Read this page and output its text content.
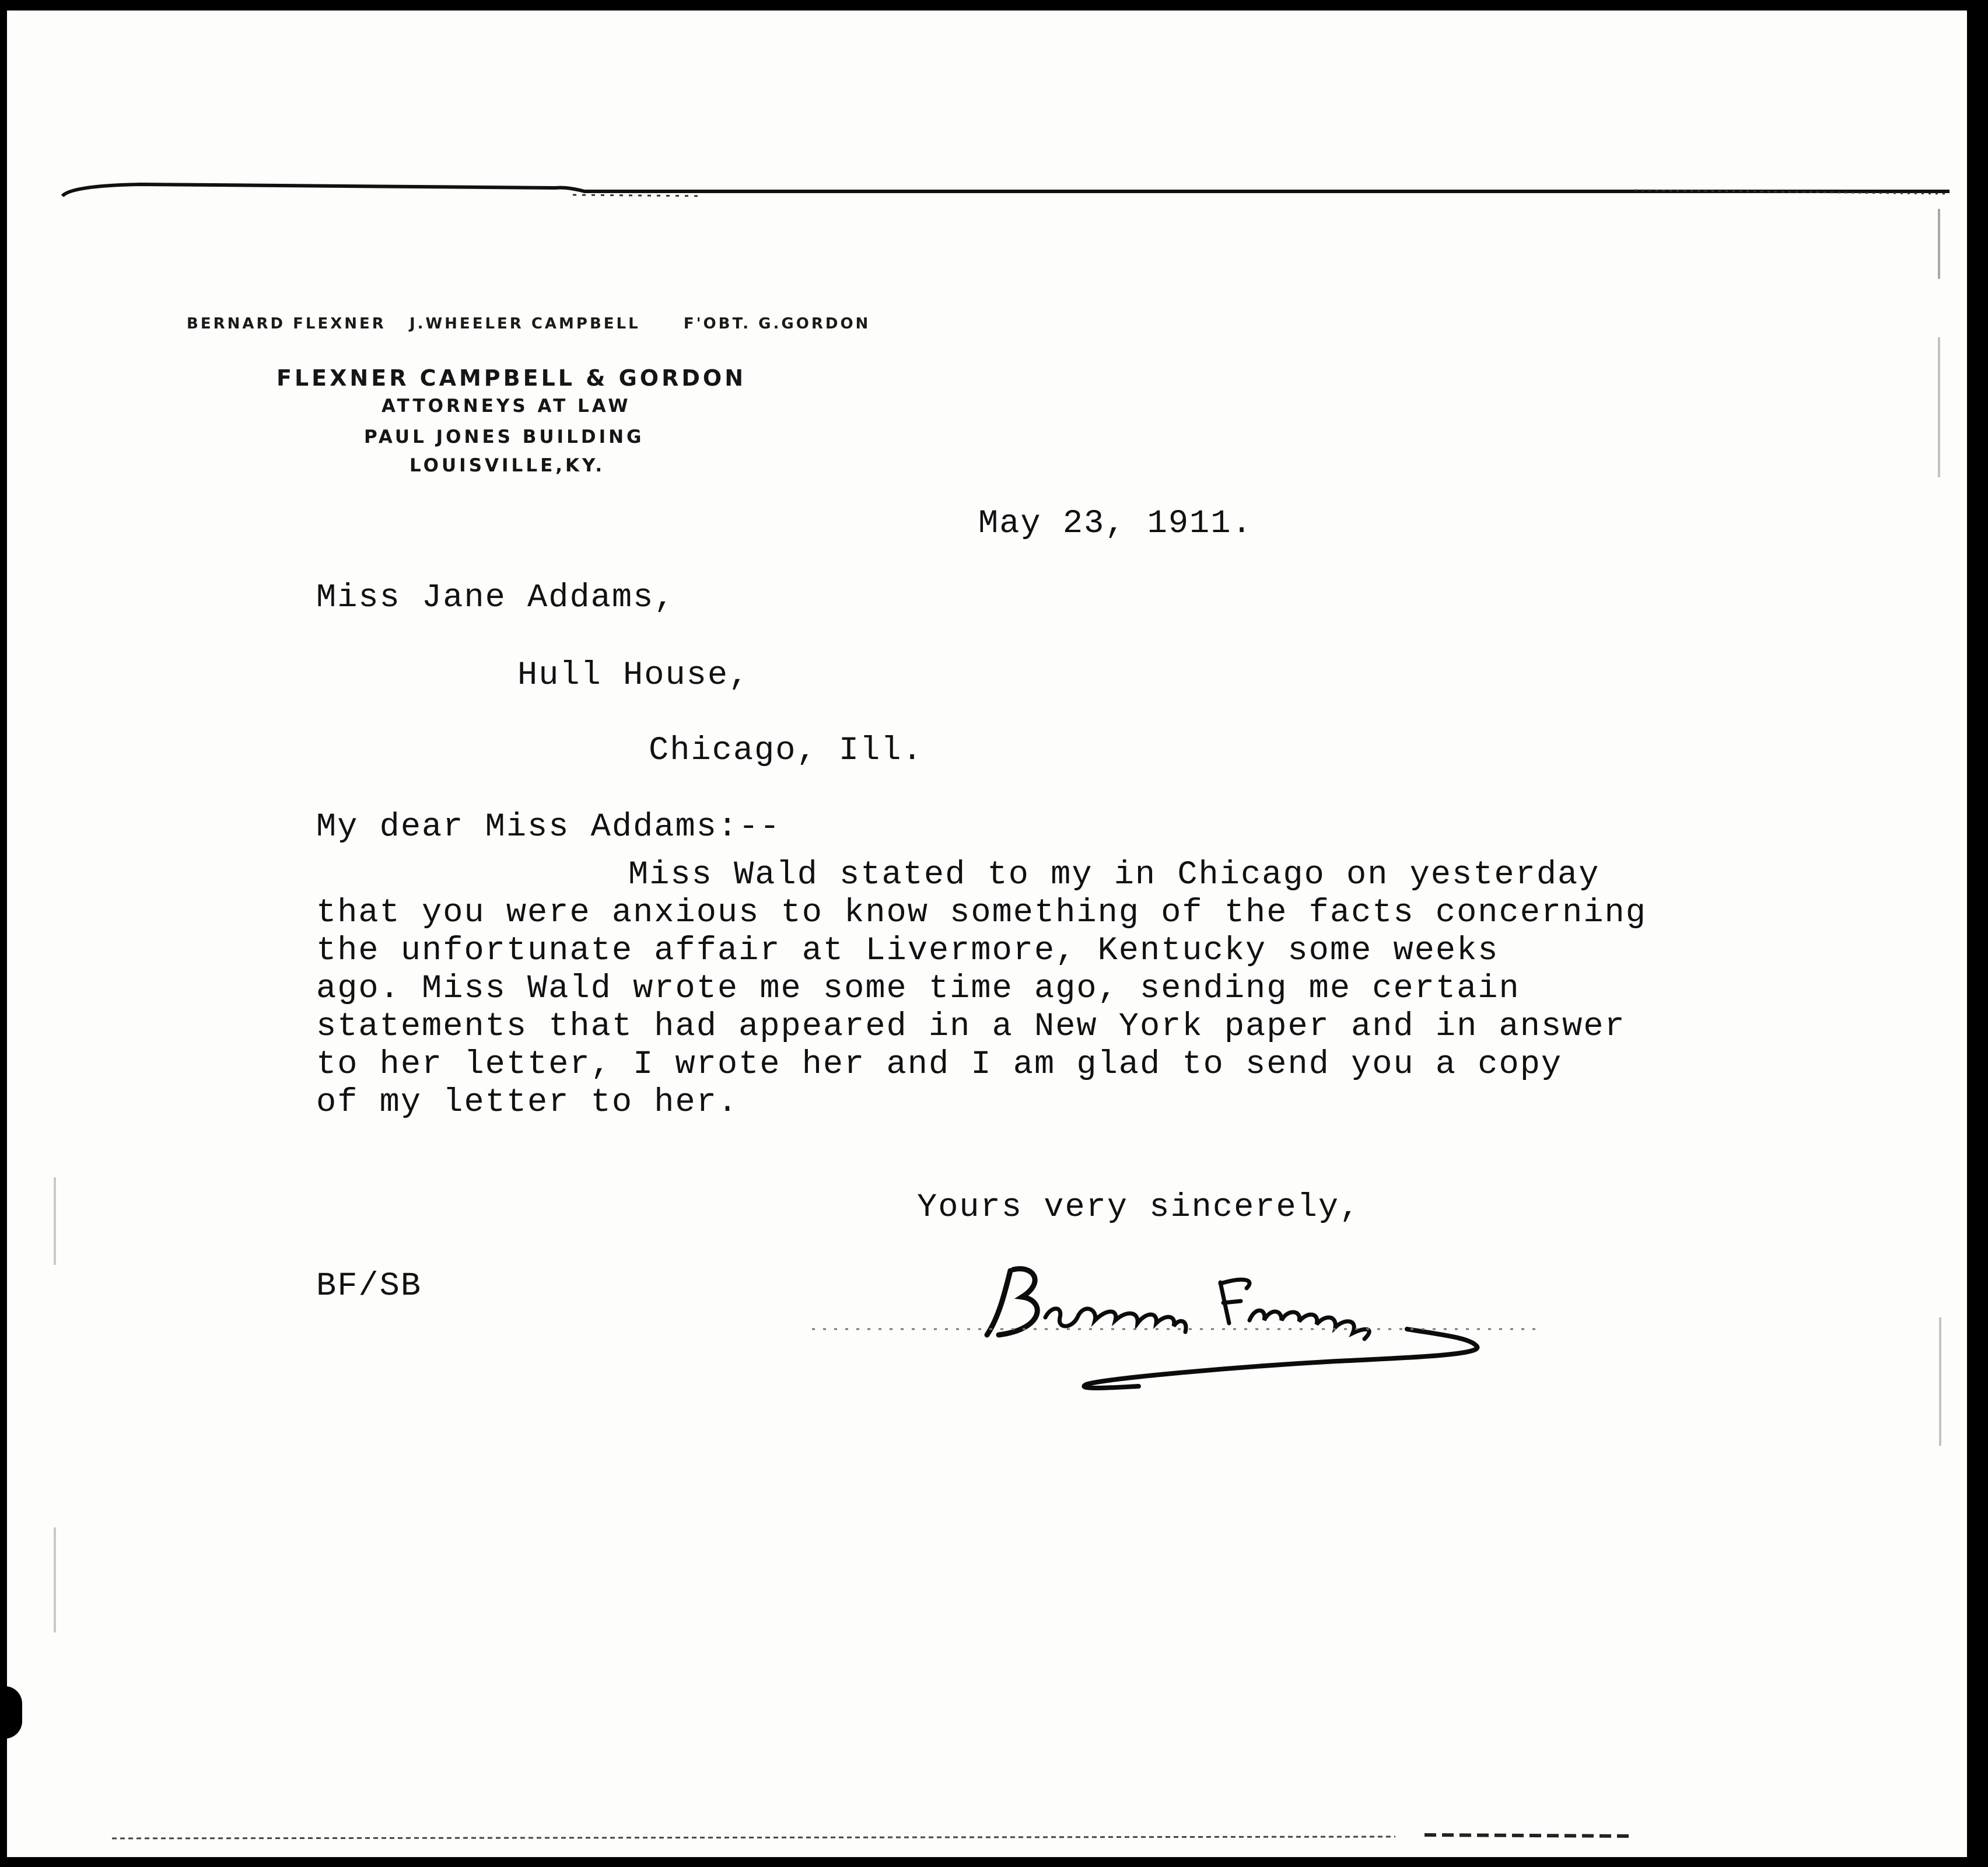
BERNARD FLEXNER J.WHEELER CAMPBELL	F'OBT. G.GORDON
FLEXNER CAMPBELL & GORDON
ATTORNEYS AT LAW
PAUL JONES BUILDING
LOUISVILLE,KY.
May 23, 1911.
Miss Jane Addams,
Hull House,
Chicago, Ill.
My dear Miss Addams:--
Miss Wald stated to my in Chicago on yesterday
that you were anxious to know something of the facts concerning
the unfortunate affair at Livermore, Kentucky some weeks
ago. Miss Wald wrote me some time ago, sending me certain
statements that had appeared in a New York paper and in answer
to her letter, I wrote her and I am glad to send you a copy
of my letter to her.
Yours very sincerely,
BF/SB
